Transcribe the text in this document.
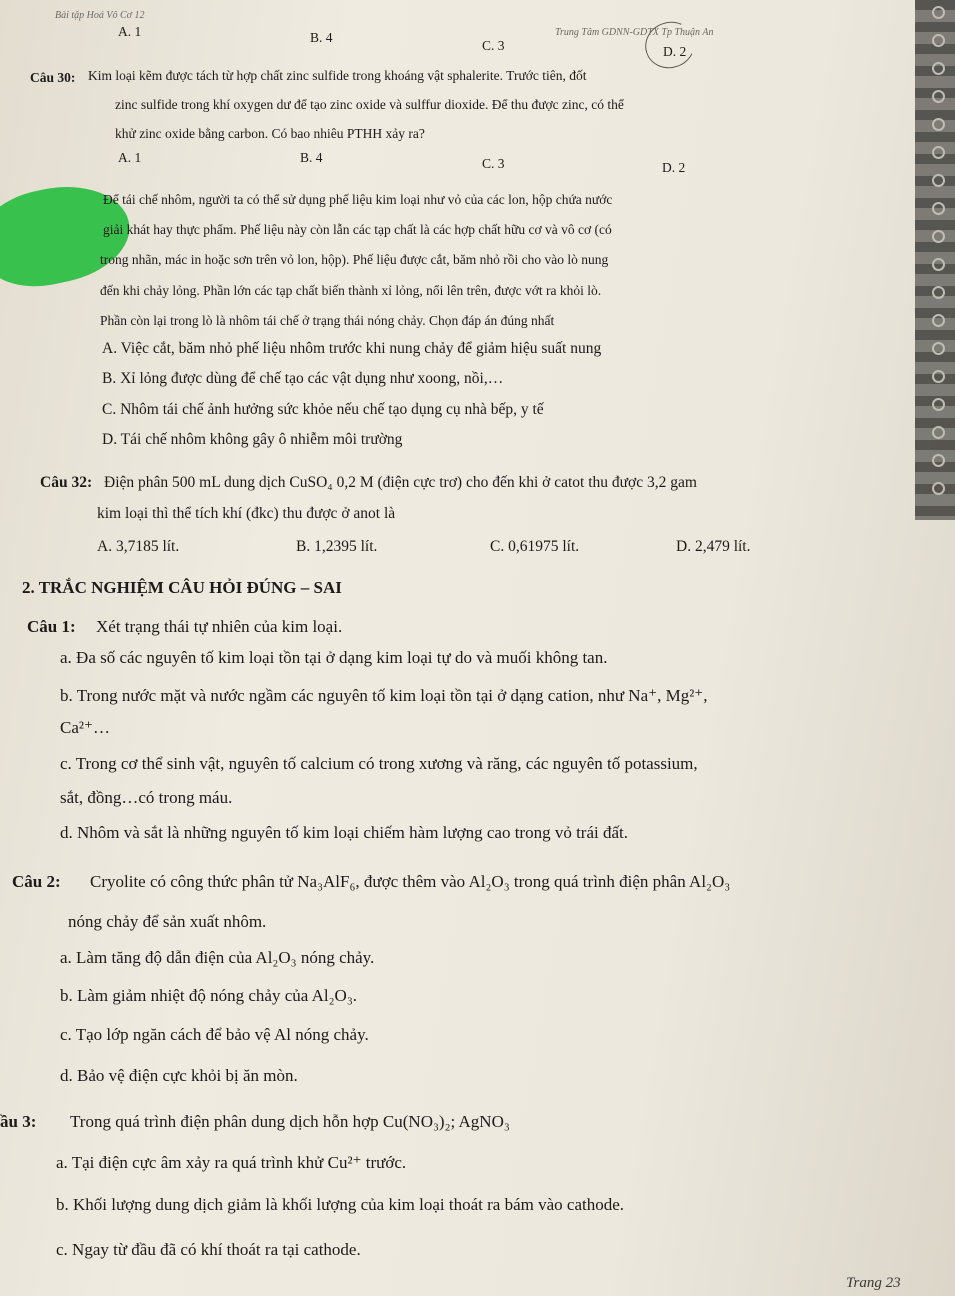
Bài tập Hoá Vô Cơ 12
Trung Tâm GDNN-GDTX Tp Thuận An
A. 1	B. 4
C. 3	D. 2
Câu 30: Kim loại kẽm được tách từ hợp chất zinc sulfide trong khoáng vật sphalerite. Trước tiên, đốt
zinc sulfide trong khí oxygen dư để tạo zinc oxide và sulffur dioxide. Để thu được zinc, có thể
khử zinc oxide bằng carbon. Có bao nhiêu PTHH xảy ra?
A. 1	B. 4	C. 3	D. 2
Để tái chế nhôm, người ta có thể sử dụng phế liệu kim loại như vỏ của các lon, hộp chứa nước
giải khát hay thực phẩm. Phế liệu này còn lẫn các tạp chất là các hợp chất hữu cơ và vô cơ (có
trong nhãn, mác in hoặc sơn trên vỏ lon, hộp). Phế liệu được cắt, băm nhỏ rồi cho vào lò nung
đến khi chảy lỏng. Phần lớn các tạp chất biến thành xỉ lỏng, nổi lên trên, được vớt ra khỏi lò.
Phần còn lại trong lò là nhôm tái chế ở trạng thái nóng chảy. Chọn đáp án đúng nhất
A. Việc cắt, băm nhỏ phế liệu nhôm trước khi nung chảy để giảm hiệu suất nung
B. Xỉ lỏng được dùng để chế tạo các vật dụng như xoong, nồi,…
C. Nhôm tái chế ảnh hưởng sức khỏe nếu chế tạo dụng cụ nhà bếp, y tế
D. Tái chế nhôm không gây ô nhiễm môi trường
Câu 32: Điện phân 500 mL dung dịch CuSO₄ 0,2 M (điện cực trơ) cho đến khi ở catot thu được 3,2 gam
kim loại thì thể tích khí (đkc) thu được ở anot là
A. 3,7185 lít.	B. 1,2395 lít.	C. 0,61975 lít.	D. 2,479 lít.
2. TRẮC NGHIỆM CÂU HỎI ĐÚNG – SAI
Câu 1: Xét trạng thái tự nhiên của kim loại.
a. Đa số các nguyên tố kim loại tồn tại ở dạng kim loại tự do và muối không tan.
b. Trong nước mặt và nước ngầm các nguyên tố kim loại tồn tại ở dạng cation, như Na⁺, Mg²⁺,
Ca²⁺…
c. Trong cơ thể sinh vật, nguyên tố calcium có trong xương và răng, các nguyên tố potassium,
sắt, đồng…có trong máu.
d. Nhôm và sắt là những nguyên tố kim loại chiếm hàm lượng cao trong vỏ trái đất.
Câu 2: Cryolite có công thức phân tử Na₃AlF₆, được thêm vào Al₂O₃ trong quá trình điện phân Al₂O₃
nóng chảy để sản xuất nhôm.
a. Làm tăng độ dẫn điện của Al₂O₃ nóng chảy.
b. Làm giảm nhiệt độ nóng chảy của Al₂O₃.
c. Tạo lớp ngăn cách để bảo vệ Al nóng chảy.
d. Bảo vệ điện cực khỏi bị ăn mòn.
ầu 3: Trong quá trình điện phân dung dịch hỗn hợp Cu(NO₃)₂; AgNO₃
a. Tại điện cực âm xảy ra quá trình khử Cu²⁺ trước.
b. Khối lượng dung dịch giảm là khối lượng của kim loại thoát ra bám vào cathode.
c. Ngay từ đầu đã có khí thoát ra tại cathode.
Trang 23
